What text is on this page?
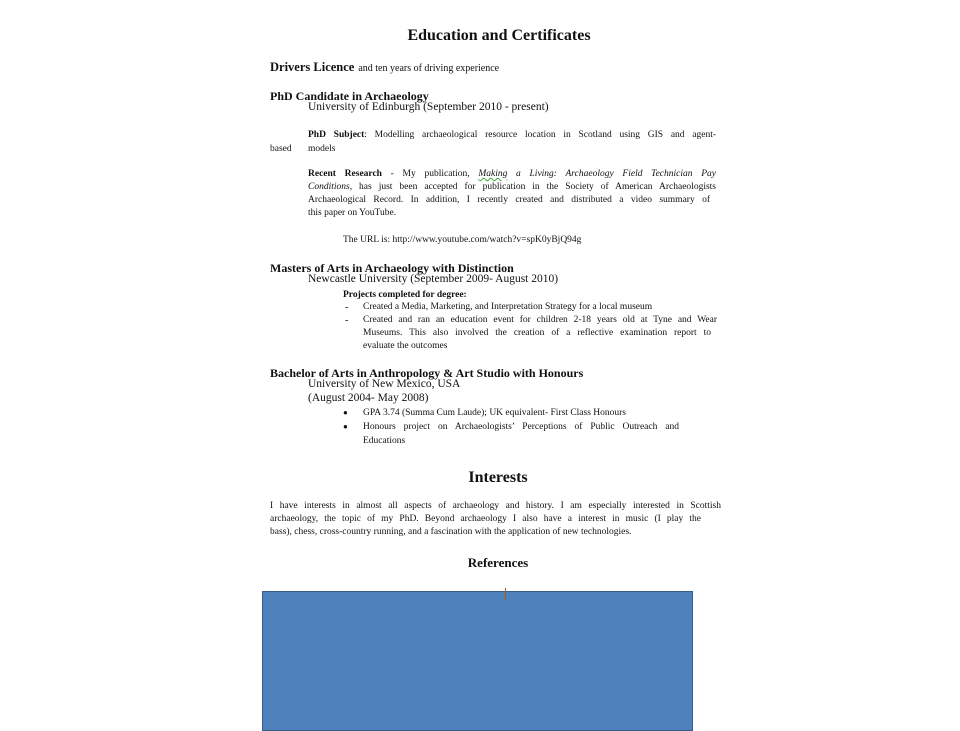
Education and Certificates
Drivers Licence and ten years of driving experience
PhD Candidate in Archaeology
University of Edinburgh (September 2010 - present)
PhD Subject: Modelling archaeological resource location in Scotland using GIS and agent-
based models
Recent Research - My publication, Making a Living: Archaeology Field Technician Pay
Conditions, has just been accepted for publication in the Society of American Archaeologists
Archaeological Record. In addition, I recently created and distributed a video summary of
this paper on YouTube.
The URL is: http://www.youtube.com/watch?v=spK0yBjQ94g
Masters of Arts in Archaeology with Distinction
Newcastle University (September 2009- August 2010)
Projects completed for degree:
- Created a Media, Marketing, and Interpretation Strategy for a local museum
- Created and ran an education event for children 2-18 years old at Tyne and Wear
Museums. This also involved the creation of a reflective examination report to
evaluate the outcomes
Bachelor of Arts in Anthropology & Art Studio with Honours
University of New Mexico, USA
(August 2004- May 2008)
● GPA 3.74 (Summa Cum Laude); UK equivalent- First Class Honours
● Honours project on Archaeologists’ Perceptions of Public Outreach and
Educations
Interests
I have interests in almost all aspects of archaeology and history. I am especially interested in Scottish
archaeology, the topic of my PhD. Beyond archaeology I also have a interest in music (I play the
bass), chess, cross-country running, and a fascination with the application of new technologies.
References
